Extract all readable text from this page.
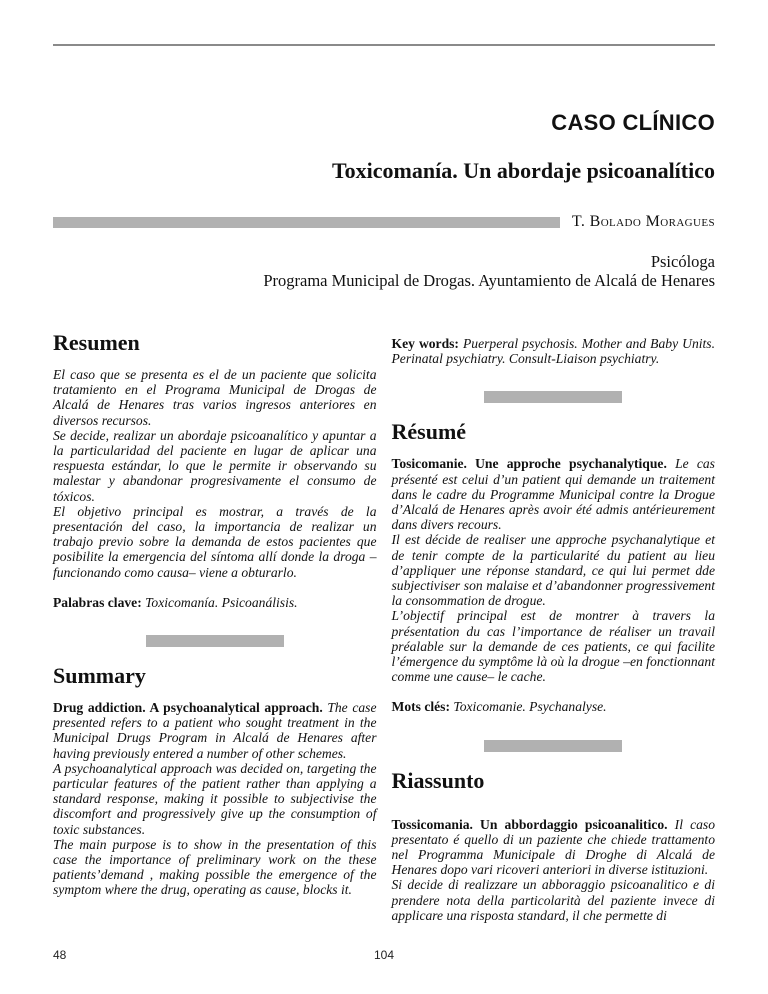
CASO CLÍNICO
Toxicomanía. Un abordaje psicoanalítico
T. Bolado Moragues
Psicóloga
Programa Municipal de Drogas. Ayuntamiento de Alcalá de Henares
Resumen

El caso que se presenta es el de un paciente que solicita tratamiento en el Programa Municipal de Drogas de Alcalá de Henares tras varios ingresos anteriores en diversos recursos.

Se decide, realizar un abordaje psicoanalítico y apuntar a la particularidad del paciente en lugar de aplicar una respuesta estándar, lo que le permite ir observando su malestar y abandonar progresivamente el consumo de tóxicos.

El objetivo principal es mostrar, a través de la presentación del caso, la importancia de realizar un trabajo previo sobre la demanda de estos pacientes que posibilite la emergencia del síntoma allí donde la droga –funcionando como causa– viene a obturarlo.

Palabras clave: Toxicomanía. Psicoanálisis.

Summary

Drug addiction. A psychoanalytical approach. The case presented refers to a patient who sought treatment in the Municipal Drugs Program in Alcalá de Henares after having previously entered a number of other schemes.

A psychoanalytical approach was decided on, targeting the particular features of the patient rather than applying a standard response, making it possible to subjectivise the discomfort and progressively give up the consumption of toxic substances.

The main purpose is to show in the presentation of this case the importance of preliminary work on the these patients’demand , making possible the emergence of the symptom where the drug, operating as cause, blocks it.

Key words: Puerperal psychosis. Mother and Baby Units. Perinatal psychiatry. Consult-Liaison psychiatry.

Résumé

Tosicomanie. Une approche psychanalytique. Le cas présenté est celui d’un patient qui demande un traitement dans le cadre du Programme Municipal contre la Drogue d’Alcalá de Henares après avoir été admis antérieurement dans divers recours.

Il est décide de realiser une approche psychanalytique et de tenir compte de la particularité du patient au lieu d’appliquer une réponse standard, ce qui lui permet dde subjectiviser son malaise et d’abandonner progressivement la consommation de drogue.

L’objectif principal est de montrer à travers la présentation du cas l’importance de réaliser un travail préalable sur la demande de ces patients, ce qui facilite l’émergence du symptôme là où la drogue –en fonctionnant comme une cause– le cache.

Mots clés: Toxicomanie. Psychanalyse.

Riassunto

Tossicomania. Un abbordaggio psicoanalitico. Il caso presentato é quello di un paziente che chiede trattamento nel Programma Municipale di Droghe di Alcalá de Henares dopo vari ricoveri anteriori in diverse istituzioni.

Si decide di realizzare un abboraggio psicoanalitico e di prendere nota della particolarità del paziente invece di applicare una risposta standard, il che permette di

48	104
